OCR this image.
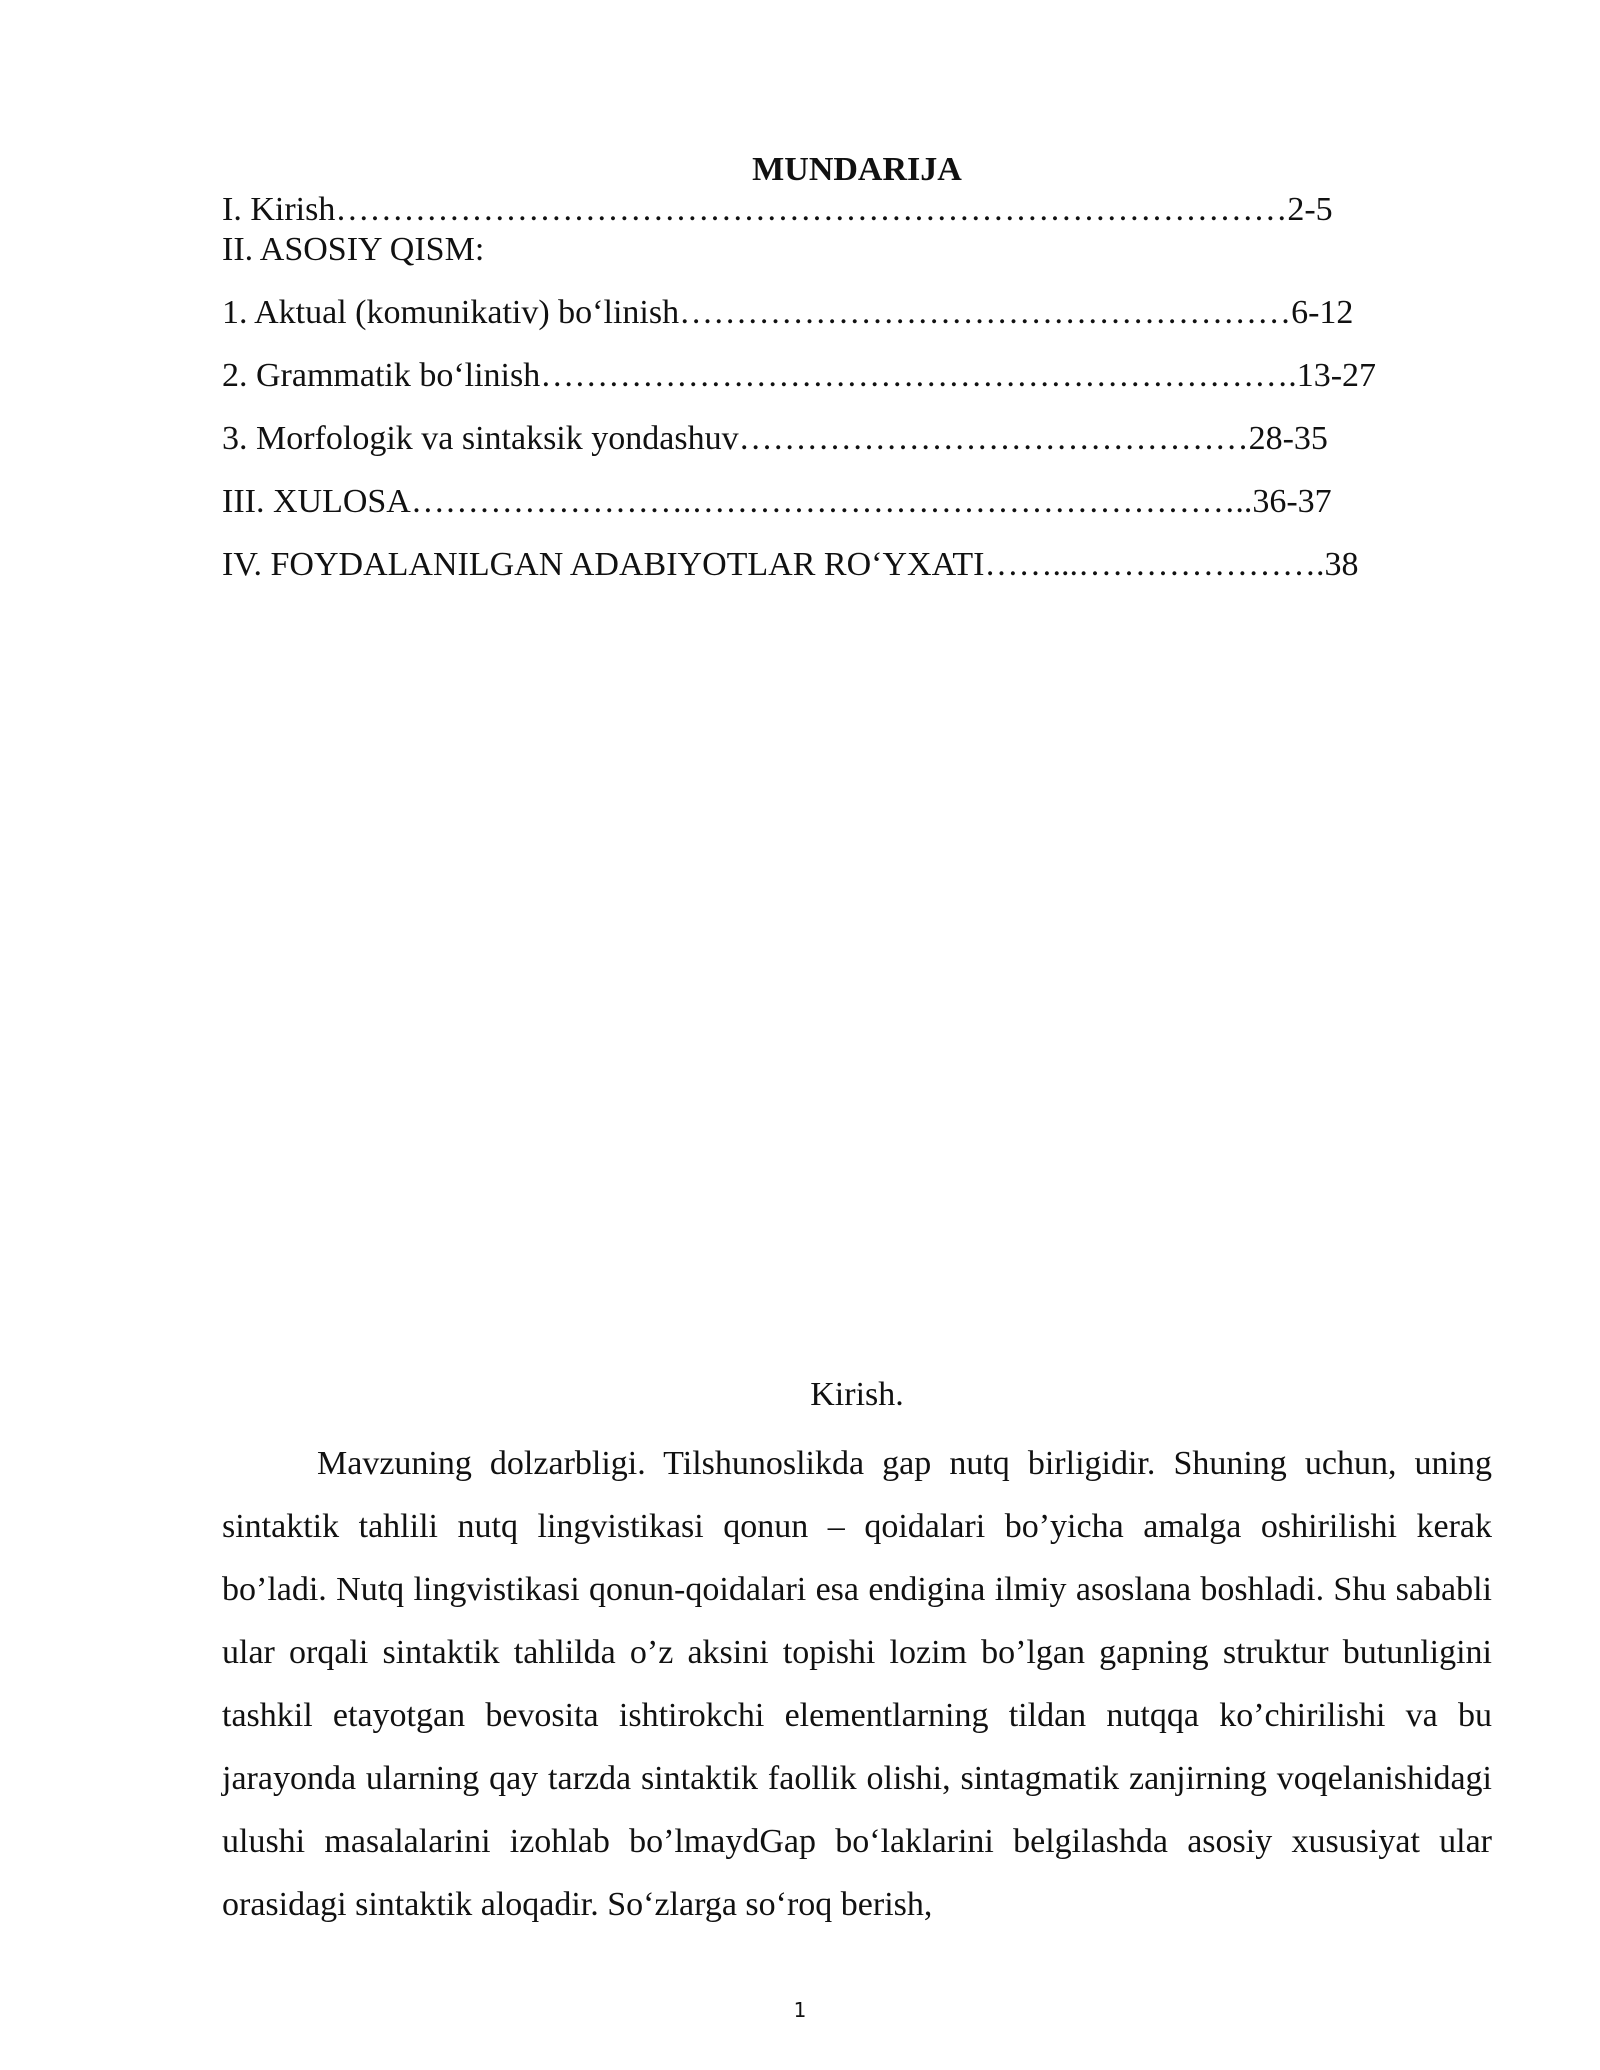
MUNDARIJA
I. Kirish…………………………………………………………………………2-5
II. ASOSIY QISM:
1. Aktual (komunikativ) bo‘linish………………………………………………6-12
2. Grammatik bo‘linish………………………………………………………….13-27
3. Morfologik va sintaksik yondashuv………………………………………28-35
III. XULOSA…………………….…………………………………………..36-37
IV. FOYDALANILGAN ADABIYOTLAR RO‘YXATI……...………………….38
Kirish.

Mavzuning dolzarbligi. Tilshunoslikda gap nutq birligidir. Shuning uchun, uning sintaktik tahlili nutq lingvistikasi qonun – qoidalari bo’yicha amalga oshirilishi kerak bo’ladi. Nutq lingvistikasi qonun-qoidalari esa endigina ilmiy asoslana boshladi. Shu sababli ular orqali sintaktik tahlilda o’z aksini topishi lozim bo’lgan gapning struktur butunligini tashkil etayotgan bevosita ishtirokchi elementlarning tildan nutqqa ko’chirilishi va bu jarayonda ularning qay tarzda sintaktik faollik olishi, sintagmatik zanjirning voqelanishidagi ulushi masalalarini izohlab bo’lmaydGap bo‘laklarini belgilashda asosiy xususiyat ular orasidagi sintaktik aloqadir. So‘zlarga so‘roq berish,

1
